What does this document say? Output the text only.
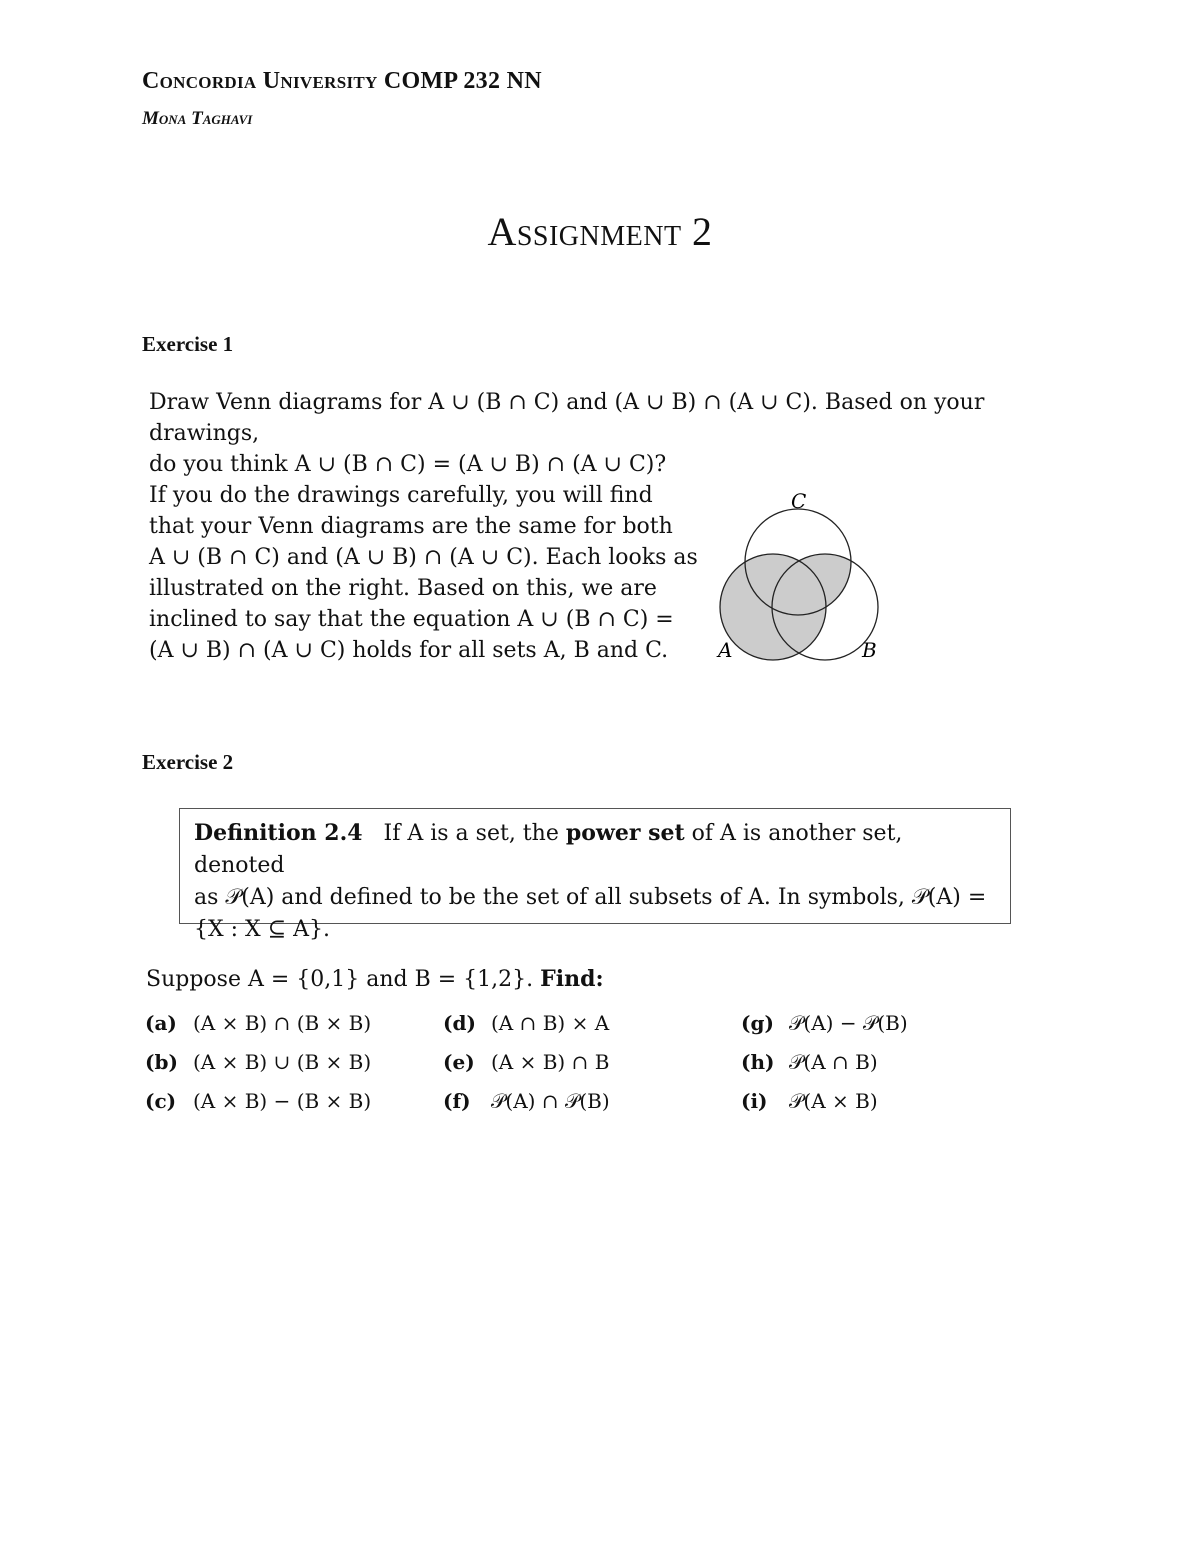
Concordia University COMP 232 NN
Mona Taghavi
Assignment 2
Exercise 1
Draw Venn diagrams for A ∪ (B ∩ C) and (A ∪ B) ∩ (A ∪ C). Based on your drawings,
do you think A ∪ (B ∩ C) = (A ∪ B) ∩ (A ∪ C)?
If you do the drawings carefully, you will find
that your Venn diagrams are the same for both
A ∪ (B ∩ C) and (A ∪ B) ∩ (A ∪ C). Each looks as
illustrated on the right. Based on this, we are
inclined to say that the equation A ∪ (B ∩ C) =
(A ∪ B) ∩ (A ∪ C) holds for all sets A, B and C.
C
A	B
Exercise 2
Definition 2.4 If A is a set, the power set of A is another set, denoted
as 𝒫(A) and defined to be the set of all subsets of A. In symbols, 𝒫(A) =
{X : X ⊆ A}.
Suppose A = {0,1} and B = {1,2}. Find:
(a) (A × B) ∩ (B × B)	(d) (A ∩ B) × A	(g) 𝒫(A) − 𝒫(B)
(b) (A × B) ∪ (B × B)	(e) (A × B) ∩ B	(h) 𝒫(A ∩ B)
(c) (A × B) − (B × B)	(f)	𝒫(A) ∩ 𝒫(B)	(i)	𝒫(A × B)
